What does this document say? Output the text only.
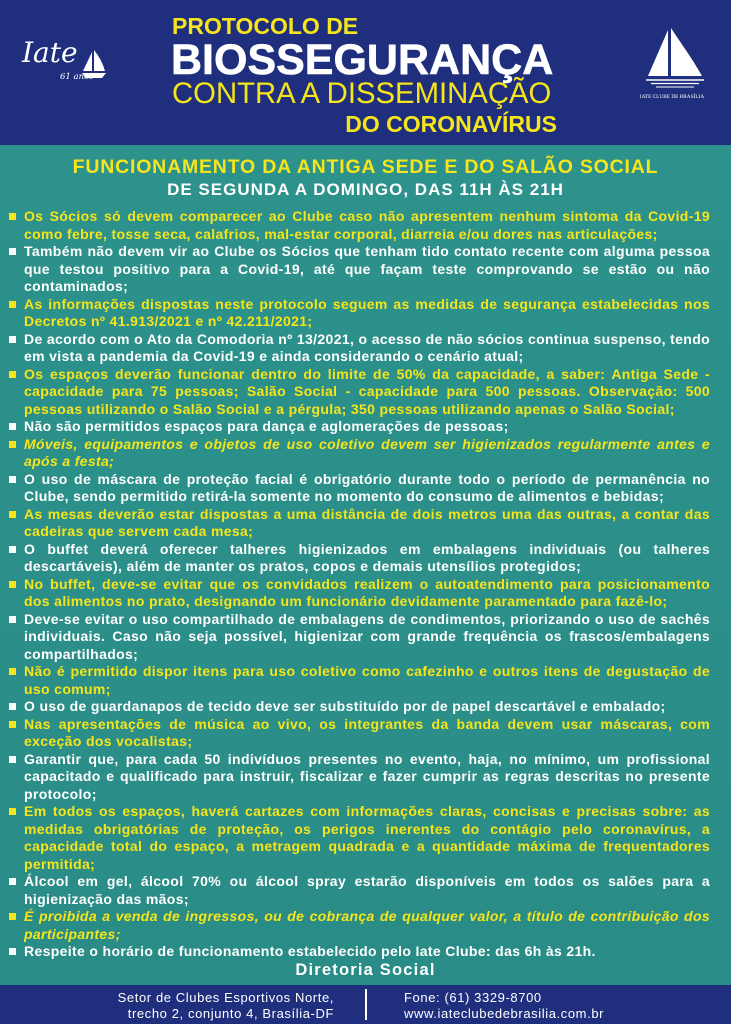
Iate
61 anos
PROTOCOLO DE
BIOSSEGURANÇA
CONTRA A DISSEMINAÇÃO
DO CORONAVÍRUS
IATE CLUBE DE BRASÍLIA
FUNCIONAMENTO DA ANTIGA SEDE E DO SALÃO SOCIAL
DE SEGUNDA A DOMINGO, DAS 11H ÀS 21H
Os Sócios só devem comparecer ao Clube caso não apresentem nenhum sintoma da Covid-19 como febre, tosse seca, calafrios, mal-estar corporal, diarreia e/ou dores nas articulações;
Também não devem vir ao Clube os Sócios que tenham tido contato recente com alguma pessoa que testou positivo para a Covid-19, até que façam teste comprovando se estão ou não contaminados;
As informações dispostas neste protocolo seguem as medidas de segurança estabelecidas nos Decretos nº 41.913/2021 e nº 42.211/2021;
De acordo com o Ato da Comodoria nº 13/2021, o acesso de não sócios continua suspenso, tendo em vista a pandemia da Covid-19 e ainda considerando o cenário atual;
Os espaços deverão funcionar dentro do limite de 50% da capacidade, a saber: Antiga Sede - capacidade para 75 pessoas; Salão Social - capacidade para 500 pessoas. Observação: 500 pessoas utilizando o Salão Social e a pérgula; 350 pessoas utilizando apenas o Salão Social;
Não são permitidos espaços para dança e aglomerações de pessoas;
Móveis, equipamentos e objetos de uso coletivo devem ser higienizados regularmente antes e após a festa;
O uso de máscara de proteção facial é obrigatório durante todo o período de permanência no Clube, sendo permitido retirá-la somente no momento do consumo de alimentos e bebidas;
As mesas deverão estar dispostas a uma distância de dois metros uma das outras, a contar das cadeiras que servem cada mesa;
O buffet deverá oferecer talheres higienizados em embalagens individuais (ou talheres descartáveis), além de manter os pratos, copos e demais utensílios protegidos;
No buffet, deve-se evitar que os convidados realizem o autoatendimento para posicionamento dos alimentos no prato, designando um funcionário devidamente paramentado para fazê-lo;
Deve-se evitar o uso compartilhado de embalagens de condimentos, priorizando o uso de sachês individuais. Caso não seja possível, higienizar com grande frequência os frascos/embalagens compartilhados;
Não é permitido dispor itens para uso coletivo como cafezinho e outros itens de degustação de uso comum;
O uso de guardanapos de tecido deve ser substituído por de papel descartável e embalado;
Nas apresentações de música ao vivo, os integrantes da banda devem usar máscaras, com exceção dos vocalistas;
Garantir que, para cada 50 indivíduos presentes no evento, haja, no mínimo, um profissional capacitado e qualificado para instruir, fiscalizar e fazer cumprir as regras descritas no presente protocolo;
Em todos os espaços, haverá cartazes com informações claras, concisas e precisas sobre: as medidas obrigatórias de proteção, os perigos inerentes do contágio pelo coronavírus, a capacidade total do espaço, a metragem quadrada e a quantidade máxima de frequentadores permitida;
Álcool em gel, álcool 70% ou álcool spray estarão disponíveis em todos os salões para a higienização das mãos;
É proibida a venda de ingressos, ou de cobrança de qualquer valor, a título de contribuição dos participantes;
Respeite o horário de funcionamento estabelecido pelo Iate Clube: das 6h às 21h.
Diretoria Social
Setor de Clubes Esportivos Norte,
trecho 2, conjunto 4, Brasília-DF
Fone: (61) 3329-8700
www.iateclubedebrasilia.com.br
